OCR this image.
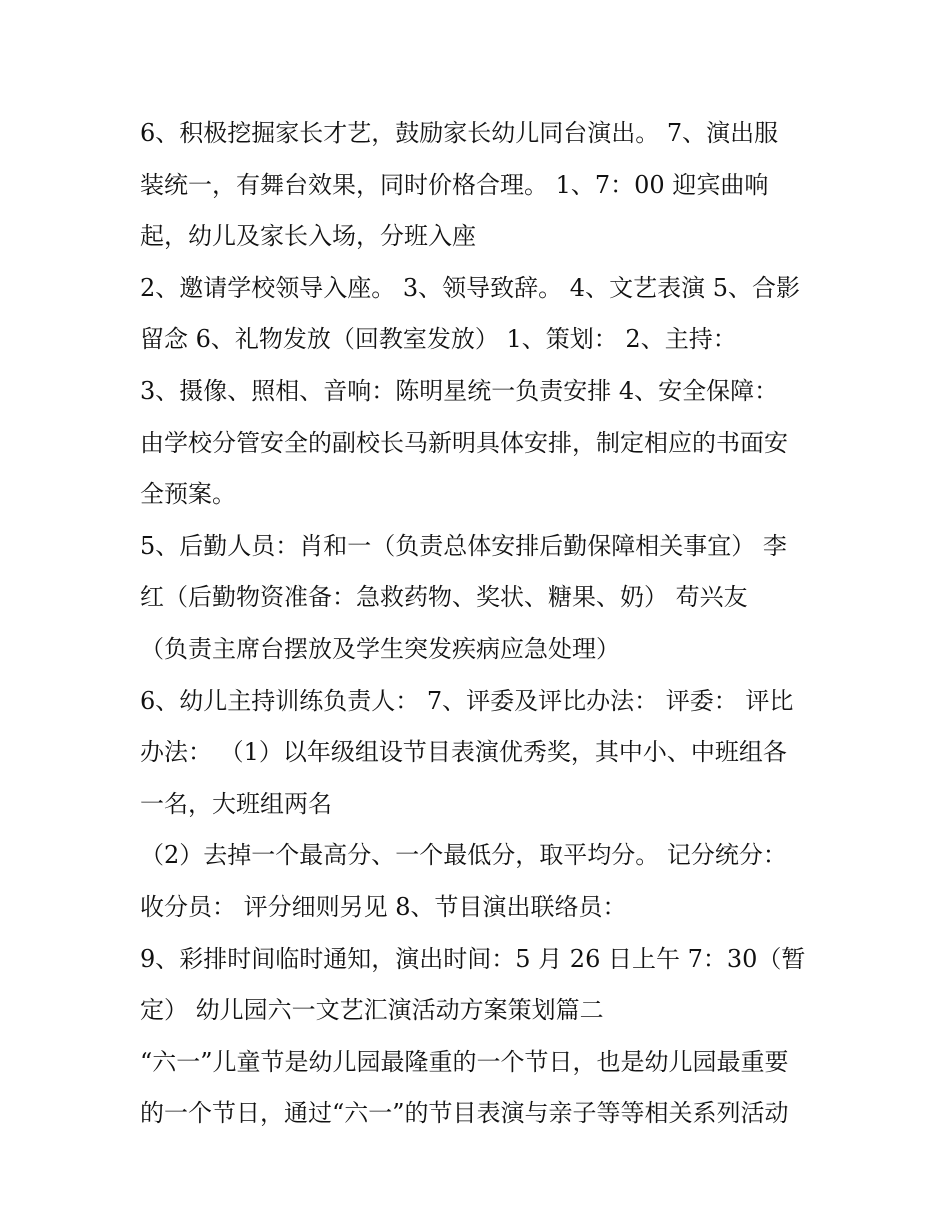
6、积极挖掘家长才艺，鼓励家长幼儿同台演出。 7、演出服
装统一，有舞台效果，同时价格合理。 1、7：00 迎宾曲响
起，幼儿及家长入场，分班入座
2、邀请学校领导入座。 3、领导致辞。 4、文艺表演 5、合影
留念 6、礼物发放（回教室发放） 1、策划： 2、主持：
3、摄像、照相、音响：陈明星统一负责安排 4、安全保障：
由学校分管安全的副校长马新明具体安排，制定相应的书面安
全预案。
5、后勤人员：肖和一（负责总体安排后勤保障相关事宜） 李
红（后勤物资准备：急救药物、奖状、糖果、奶） 苟兴友
（负责主席台摆放及学生突发疾病应急处理）
6、幼儿主持训练负责人： 7、评委及评比办法： 评委： 评比
办法： （1）以年级组设节目表演优秀奖，其中小、中班组各
一名，大班组两名
（2）去掉一个最高分、一个最低分，取平均分。 记分统分：
收分员： 评分细则另见 8、节目演出联络员：
9、彩排时间临时通知，演出时间：5 月 26 日上午 7：30（暂
定） 幼儿园六一文艺汇演活动方案策划篇二
“六一”儿童节是幼儿园最隆重的一个节日，也是幼儿园最重要
的一个节日，通过“六一”的节目表演与亲子等等相关系列活动
